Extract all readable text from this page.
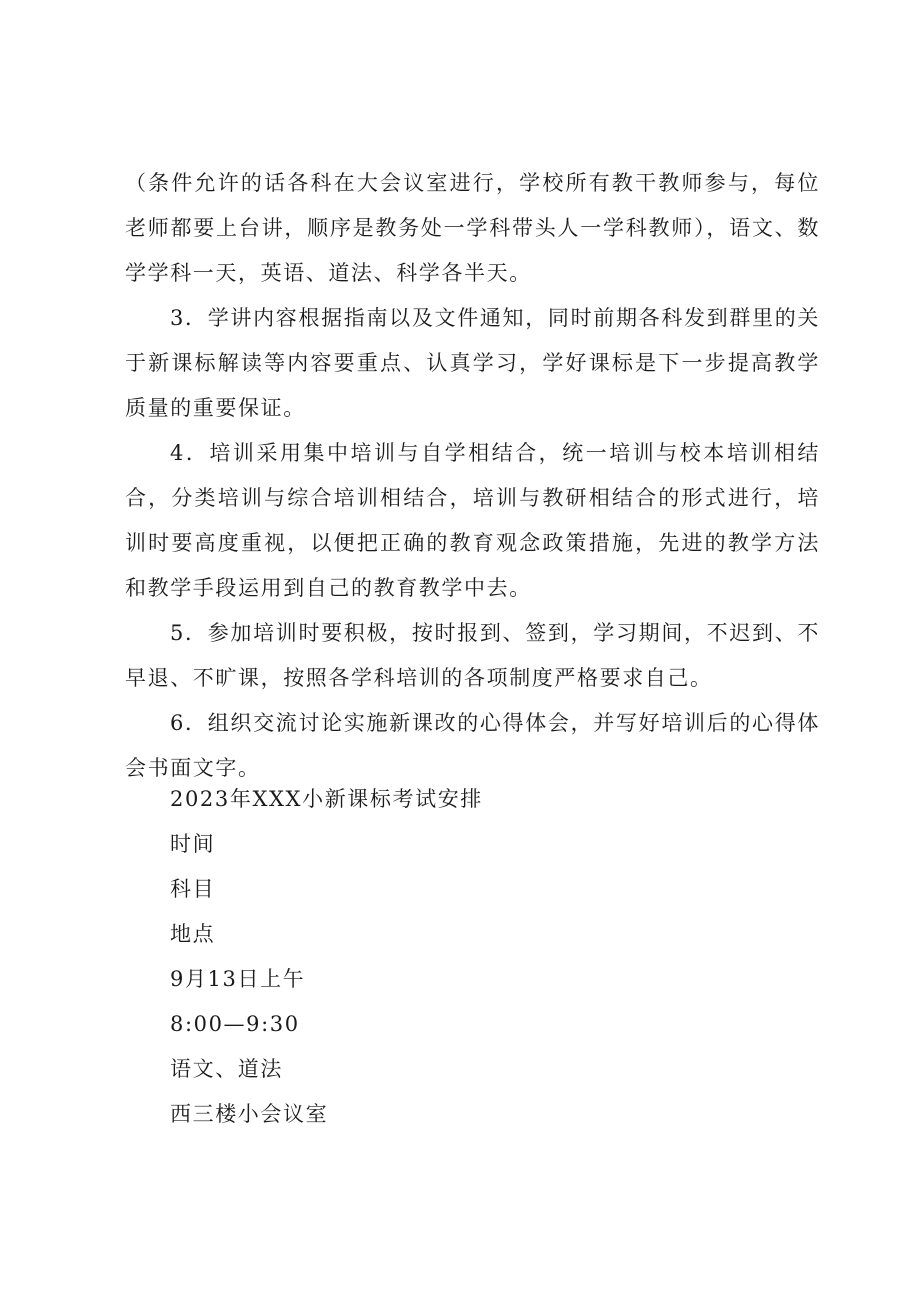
（条件允许的话各科在大会议室进行，学校所有教干教师参与，每位老师都要上台讲，顺序是教务处一学科带头人一学科教师），语文、数学学科一天，英语、道法、科学各半天。

3．学讲内容根据指南以及文件通知，同时前期各科发到群里的关于新课标解读等内容要重点、认真学习，学好课标是下一步提高教学质量的重要保证。

4．培训采用集中培训与自学相结合，统一培训与校本培训相结合，分类培训与综合培训相结合，培训与教研相结合的形式进行，培训时要高度重视，以便把正确的教育观念政策措施，先进的教学方法和教学手段运用到自己的教育教学中去。

5．参加培训时要积极，按时报到、签到，学习期间，不迟到、不早退、不旷课，按照各学科培训的各项制度严格要求自己。

6．组织交流讨论实施新课改的心得体会，并写好培训后的心得体会书面文字。

2023年XXX小新课标考试安排

时间

科目

地点

9月13日上午

8:00—9:30

语文、道法

西三楼小会议室
